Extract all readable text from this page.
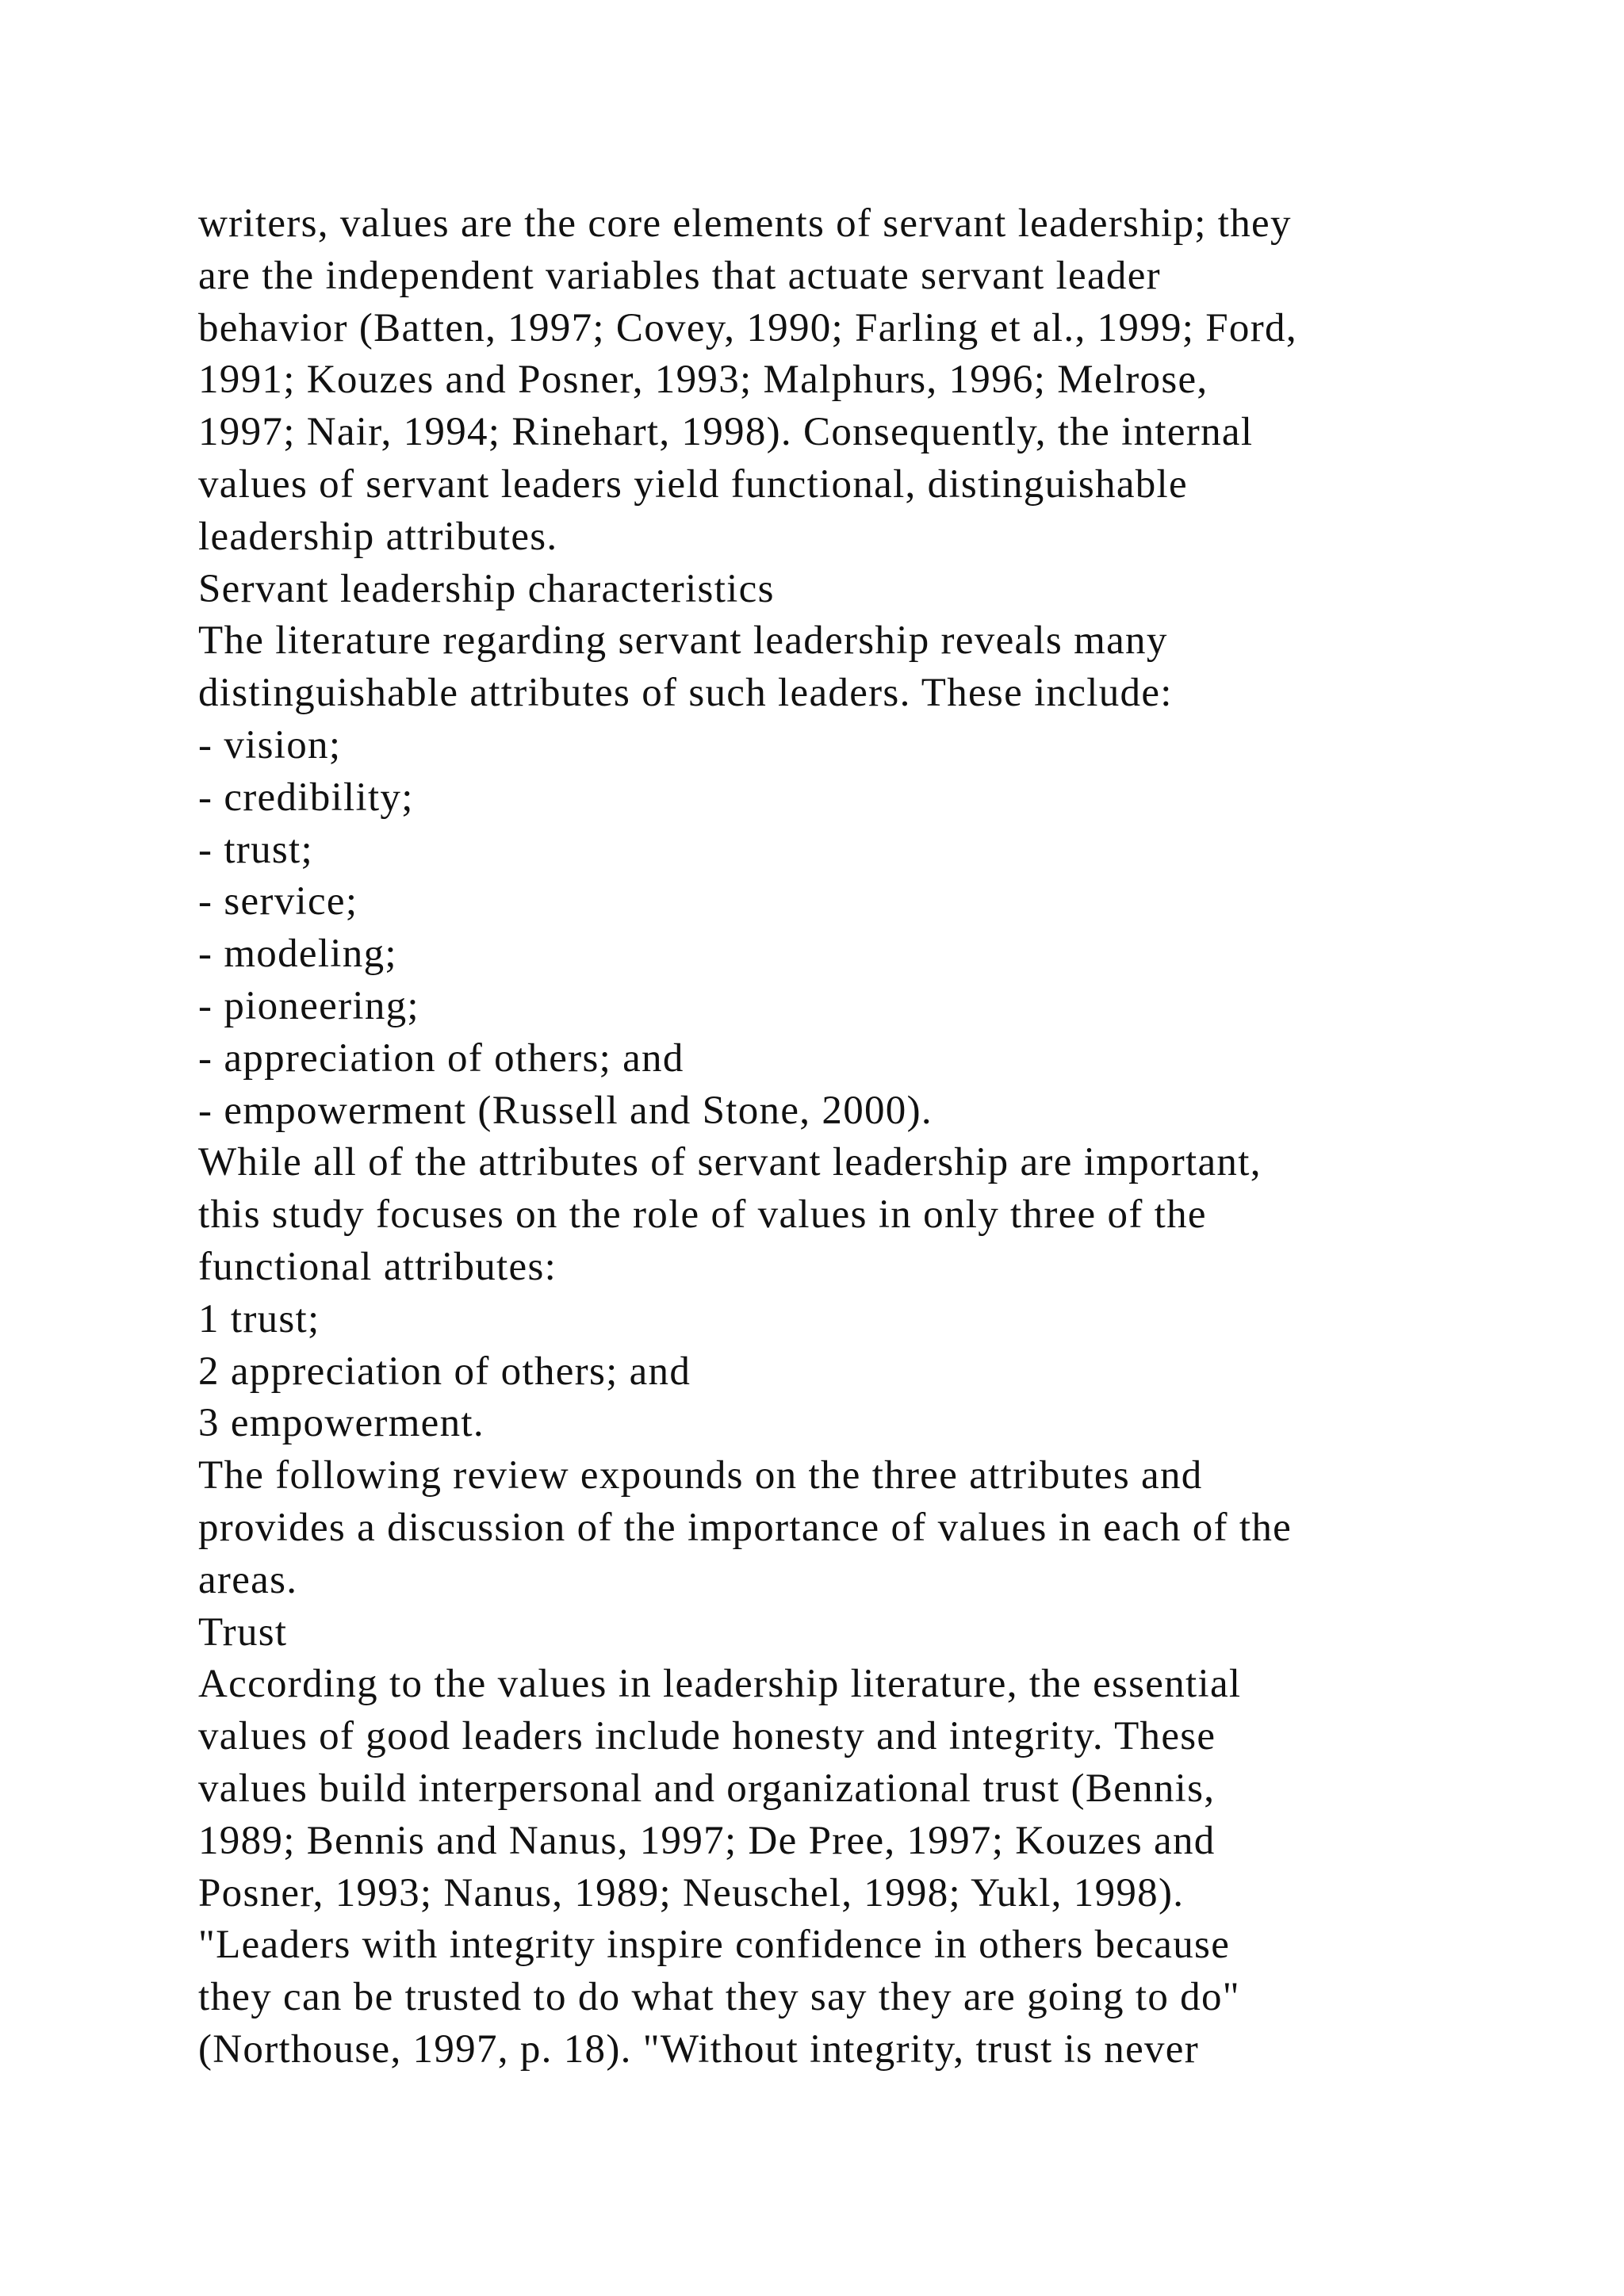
writers, values are the core elements of servant leadership; they

are the independent variables that actuate servant leader

behavior (Batten, 1997; Covey, 1990; Farling et al., 1999; Ford,

1991; Kouzes and Posner, 1993; Malphurs, 1996; Melrose,

1997; Nair, 1994; Rinehart, 1998). Consequently, the internal

values of servant leaders yield functional, distinguishable

leadership attributes.

Servant leadership characteristics

The literature regarding servant leadership reveals many

distinguishable attributes of such leaders. These include:

- vision;

- credibility;

- trust;

- service;

- modeling;

- pioneering;

- appreciation of others; and

- empowerment (Russell and Stone, 2000).

While all of the attributes of servant leadership are important,

this study focuses on the role of values in only three of the

functional attributes:

1 trust;

2 appreciation of others; and

3 empowerment.

The following review expounds on the three attributes and

provides a discussion of the importance of values in each of the

areas.

Trust

According to the values in leadership literature, the essential

values of good leaders include honesty and integrity. These

values build interpersonal and organizational trust (Bennis,

1989; Bennis and Nanus, 1997; De Pree, 1997; Kouzes and

Posner, 1993; Nanus, 1989; Neuschel, 1998; Yukl, 1998).

"Leaders with integrity inspire confidence in others because

they can be trusted to do what they say they are going to do"

(Northouse, 1997, p. 18). "Without integrity, trust is never
